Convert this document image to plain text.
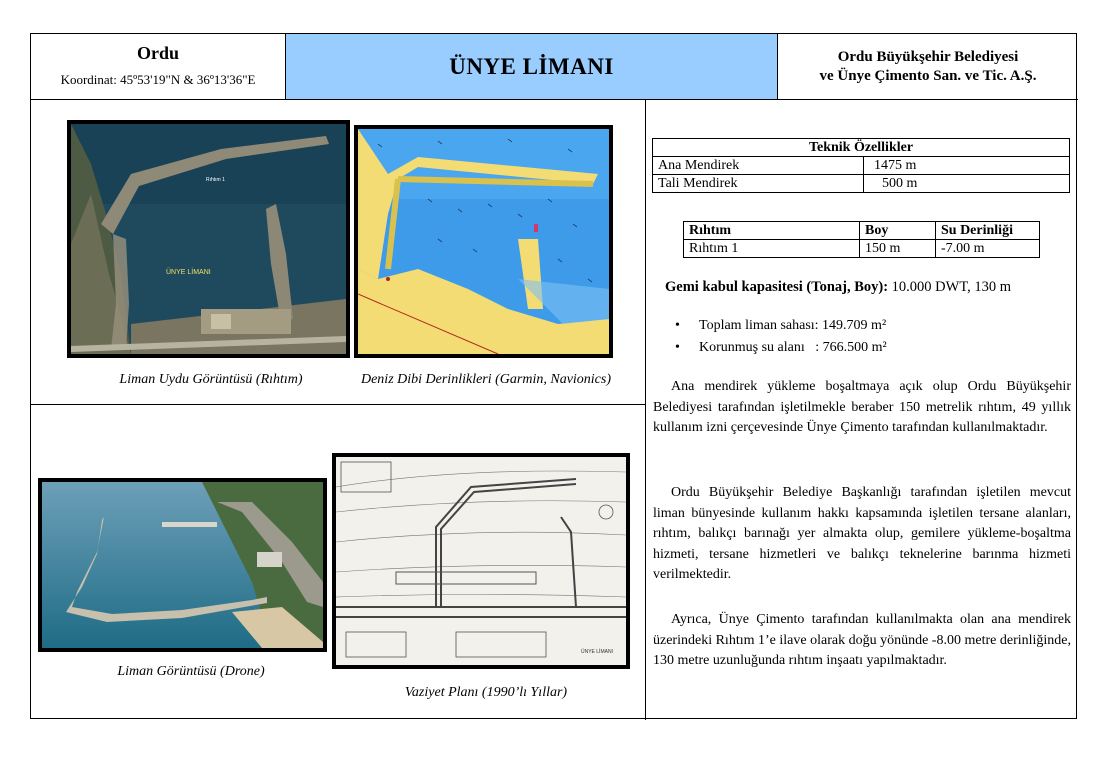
Ordu
Koordinat: 45º53'19"N & 36º13'36"E
ÜNYE LİMANI	Ordu Büyükşehir Belediyesi
ve Ünye Çimento San. ve Tic. A.Ş.
ÜNYE LİMANI
Rıhtım 1
Liman Uydu Görüntüsü (Rıhtım)	Deniz Dibi Derinlikleri (Garmin, Navionics)
Liman Görüntüsü (Drone)
ÜNYE LİMANI
Vaziyet Planı (1990’lı Yıllar)
Teknik Özellikler	
Ana Mendirek	1475 m
Tali Mendirek	500 m
Rıhtım	Boy	Su Derinliği
Rıhtım 1	150 m	-7.00 m
Gemi kabul kapasitesi (Tonaj, Boy): 10.000 DWT, 130 m
• Toplam liman sahası: 149.709 m²
• Korunmuş su alanı   : 766.500 m²
Ana mendirek yükleme boşaltmaya açık olup Ordu Büyükşehir Belediyesi tarafından işletilmekle beraber 150 metrelik rıhtım, 49 yıllık kullanım izni çerçevesinde Ünye Çimento tarafından kullanılmaktadır.
Ordu Büyükşehir Belediye Başkanlığı tarafından işletilen mevcut liman bünyesinde kullanım hakkı kapsamında işletilen tersane alanları, rıhtım, balıkçı barınağı yer almakta olup, gemilere yükleme-boşaltma hizmeti, tersane hizmetleri ve balıkçı teknelerine barınma hizmeti verilmektedir.
Ayrıca, Ünye Çimento tarafından kullanılmakta olan ana mendirek üzerindeki Rıhtım 1’e ilave olarak doğu yönünde -8.00 metre derinliğinde, 130 metre uzunluğunda rıhtım inşaatı yapılmaktadır.
